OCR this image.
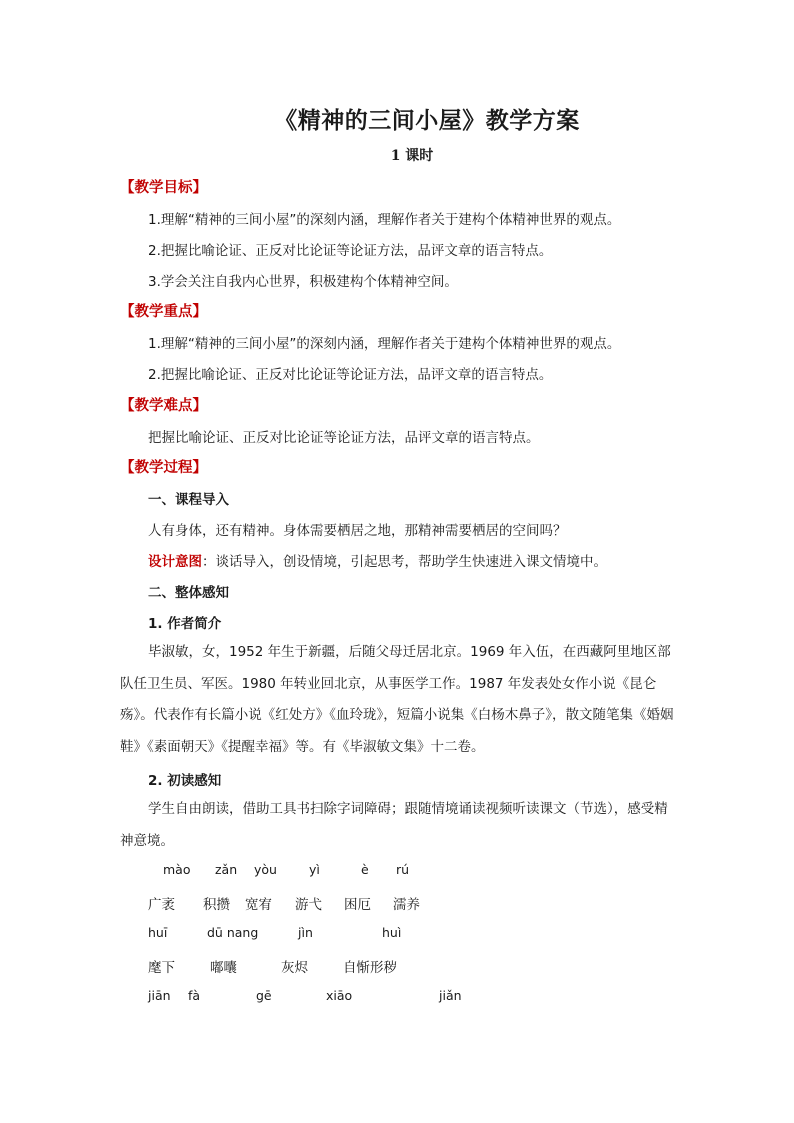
《精神的三间小屋》教学方案
1 课时
【教学目标】
1.理解“精神的三间小屋”的深刻内涵，理解作者关于建构个体精神世界的观点。
2.把握比喻论证、正反对比论证等论证方法，品评文章的语言特点。
3.学会关注自我内心世界，积极建构个体精神空间。
【教学重点】
1.理解“精神的三间小屋”的深刻内涵，理解作者关于建构个体精神世界的观点。
2.把握比喻论证、正反对比论证等论证方法，品评文章的语言特点。
【教学难点】
把握比喻论证、正反对比论证等论证方法，品评文章的语言特点。
【教学过程】
一、课程导入
人有身体，还有精神。身体需要栖居之地，那精神需要栖居的空间吗？
设计意图：谈话导入，创设情境，引起思考，帮助学生快速进入课文情境中。
二、整体感知
1. 作者简介

毕淑敏，女，1952 年生于新疆，后随父母迁居北京。1969 年入伍，在西藏阿里地区部队任卫生员、军医。1980 年转业回北京，从事医学工作。1987 年发表处女作小说《昆仑殇》。代表作有长篇小说《红处方》《血玲珑》，短篇小说集《白杨木鼻子》，散文随笔集《婚姻鞋》《素面朝天》《提醒幸福》等。有《毕淑敏文集》十二卷。

2. 初读感知

学生自由朗读，借助工具书扫除字词障碍；跟随情境诵读视频听读课文（节选），感受精神意境。

mào zǎn yòu	yì	è rú
广袤 积攒 宽宥 游弋 困厄 濡养
huī	dū nang	jìn	huì
麾下	嘟囔	灰烬	自惭形秽
jiān fà	gē	xiāo	jiǎn
